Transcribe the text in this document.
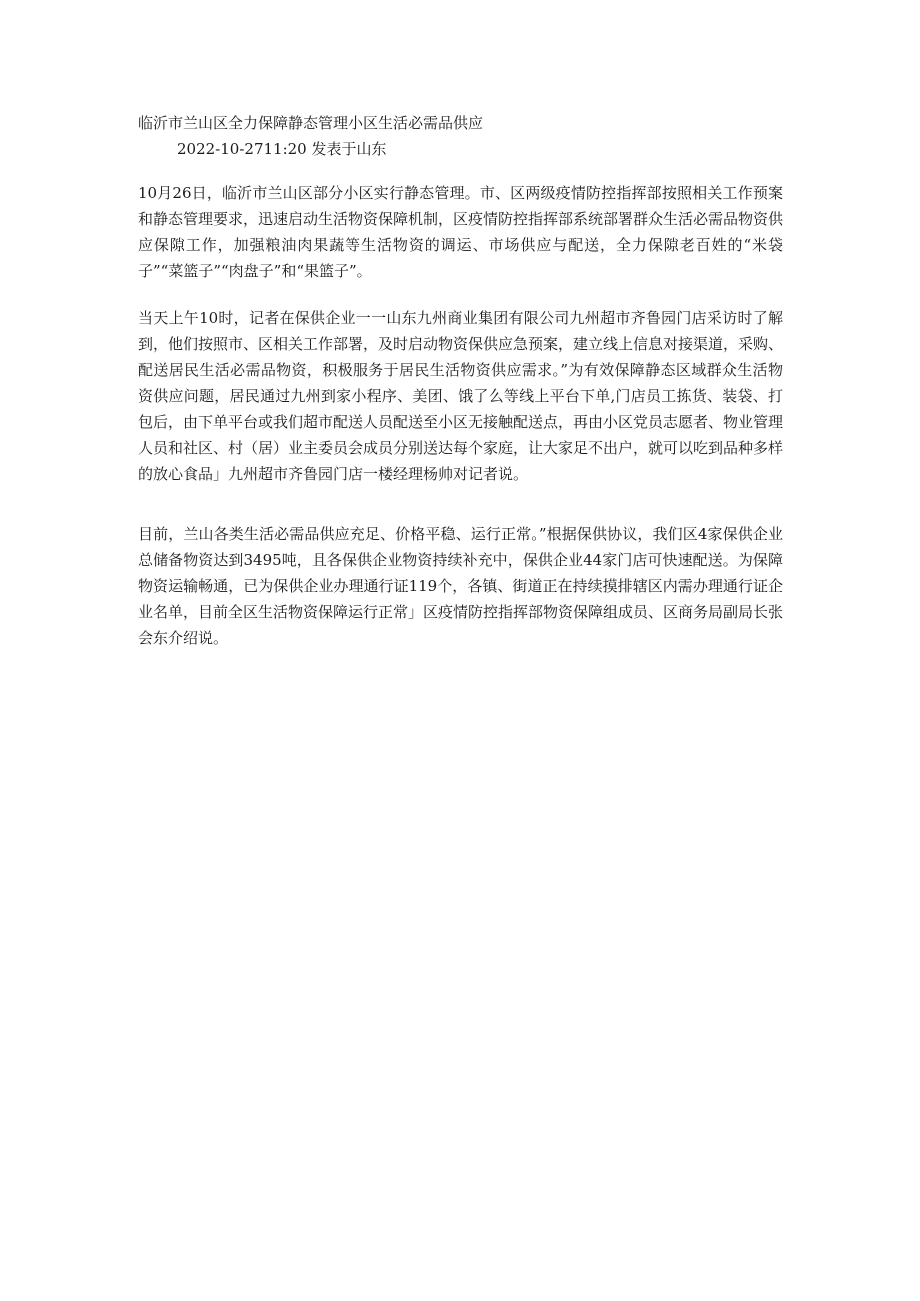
临沂市兰山区全力保障静态管理小区生活必需品供应
2022-10-2711:20 发表于山东

10月26日，临沂市兰山区部分小区实行静态管理。市、区两级疫情防控指挥部按照相关工作预案和静态管理要求，迅速启动生活物资保障机制，区疫情防控指挥部系统部署群众生活必需品物资供应保隙工作，加强粮油肉果蔬等生活物资的调运、市场供应与配送，全力保隙老百姓的“米袋子”“菜篮子”“肉盘子”和“果篮子”。

当天上午10时，记者在保供企业一一山东九州商业集团有限公司九州超市齐鲁园门店采访时了解到，他们按照市、区相关工作部署，及时启动物资保供应急预案，建立线上信息对接渠道，采购、配送居民生活必需品物资，积极服务于居民生活物资供应需求。”为有效保障静态区域群众生活物资供应问题，居民通过九州到家小程序、美团、饿了么等线上平台下单,门店员工拣货、装袋、打包后，由下单平台或我们超市配送人员配送至小区无接触配送点，再由小区党员志愿者、物业管理人员和社区、村（居）业主委员会成员分别送达每个家庭，让大家足不出户，就可以吃到品种多样的放心食品」九州超市齐鲁园门店一楼经理杨帅对记者说。

目前，兰山各类生活必需品供应充足、价格平稳、运行正常。”根据保供协议，我们区4家保供企业总储备物资达到3495吨，且各保供企业物资持续补充中，保供企业44家门店可快速配送。为保障物资运输畅通，已为保供企业办理通行证119个，各镇、街道正在持续摸排辖区内需办理通行证企业名单，目前全区生活物资保障运行正常」区疫情防控指挥部物资保障组成员、区商务局副局长张会东介绍说。
